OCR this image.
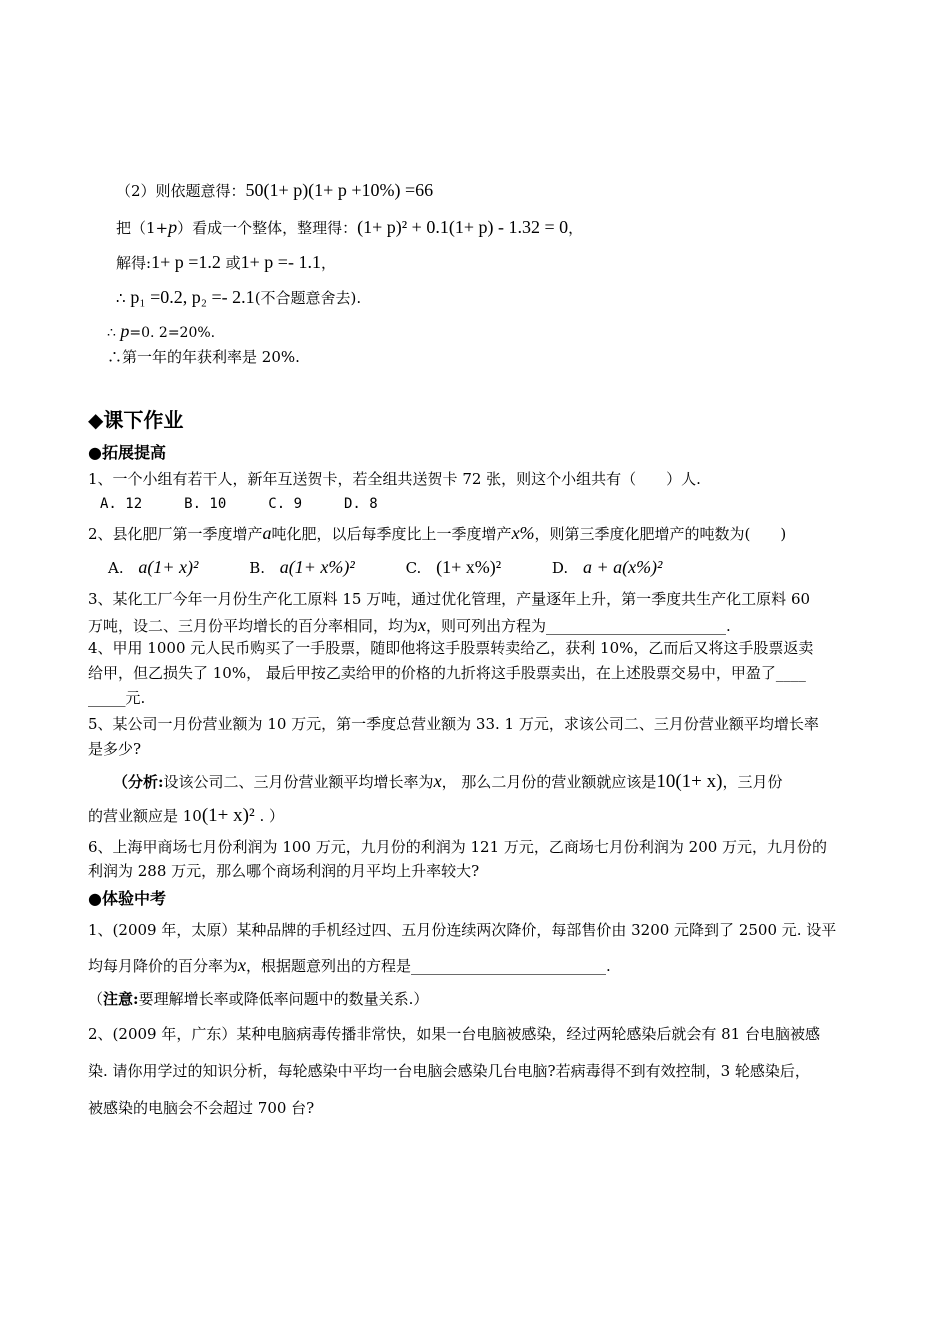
（2）则依题意得：50(1+ p)(1+ p +10%) =66
把（1+p）看成一个整体，整理得：(1+ p)² + 0.1(1+ p) - 1.32 = 0，
解得:1+ p =1.2 或1+ p =- 1.1，
∴ p₁ =0.2, p₂ =- 2.1(不合题意舍去).
∴ p=0. 2=20%.
∴第一年的年获利率是 20%.
◆课下作业
●拓展提高
1、一个小组有若干人，新年互送贺卡，若全组共送贺卡 72 张，则这个小组共有（　　）人.
A. 12　　　B. 10　　　C. 9　　　D. 8
2、县化肥厂第一季度增产a吨化肥，以后每季度比上一季度增产x%，则第三季度化肥增产的吨数为(　　)
A. a(1+ x)²	B. a(1+ x%)²	C. (1+ x%)²	D. a + a(x%)²
3、某化工厂今年一月份生产化工原料 15 万吨，通过优化管理，产量逐年上升，第一季度共生产化工原料 60
万吨，设二、三月份平均增长的百分率相同，均为x，则可列出方程为________________________.
4、甲用 1000 元人民币购买了一手股票，随即他将这手股票转卖给乙，获利 10%，乙而后又将这手股票返卖
给甲，但乙损失了 10%， 最后甲按乙卖给甲的价格的九折将这手股票卖出，在上述股票交易中，甲盈了____
_____元.
5、某公司一月份营业额为 10 万元，第一季度总营业额为 33. 1 万元，求该公司二、三月份营业额平均增长率
是多少?
（分析:设该公司二、三月份营业额平均增长率为x， 那么二月份的营业额就应该是10(1+ x)，三月份
的营业额应是 10(1+ x)² . ）
6、上海甲商场七月份利润为 100 万元，九月份的利润为 121 万元，乙商场七月份利润为 200 万元，九月份的
利润为 288 万元，那么哪个商场利润的月平均上升率较大?
●体验中考
1、(2009 年，太原）某种品牌的手机经过四、五月份连续两次降价，每部售价由 3200 元降到了 2500 元. 设平
均每月降价的百分率为x，根据题意列出的方程是__________________________.
（注意:要理解增长率或降低率问题中的数量关系.）
2、(2009 年，广东）某种电脑病毒传播非常快，如果一台电脑被感染，经过两轮感染后就会有 81 台电脑被感
染. 请你用学过的知识分析，每轮感染中平均一台电脑会感染几台电脑?若病毒得不到有效控制，3 轮感染后，
被感染的电脑会不会超过 700 台?
